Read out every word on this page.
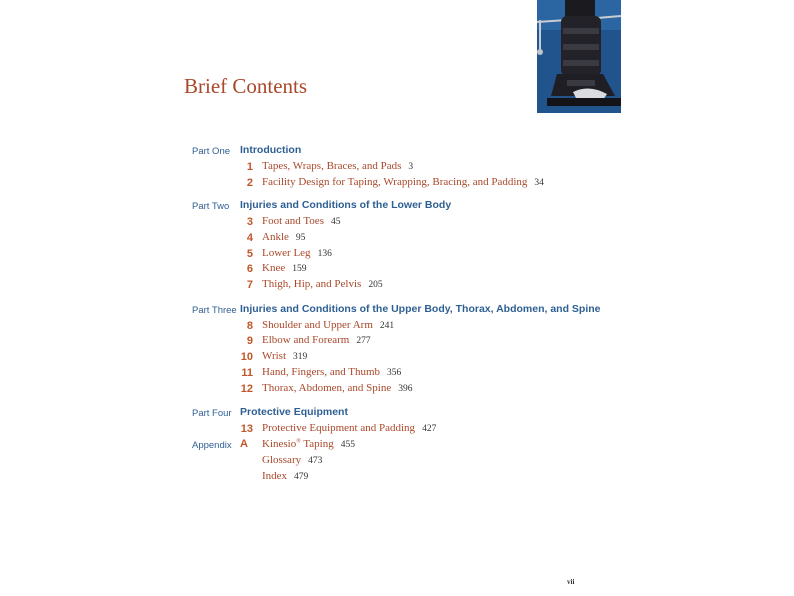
Brief Contents
Part One Introduction
1 Tapes, Wraps, Braces, and Pads 3
2 Facility Design for Taping, Wrapping, Bracing, and Padding 34
Part Two	Injuries and Conditions of the Lower Body
3 Foot and Toes 45
4 Ankle 95
5 Lower Leg 136
6 Knee 159
7 Thigh, Hip, and Pelvis 205
Part Three Injuries and Conditions of the Upper Body, Thorax, Abdomen, and Spine
8 Shoulder and Upper Arm 241
9 Elbow and Forearm 277
10 Wrist 319
11 Hand, Fingers, and Thumb 356
12 Thorax, Abdomen, and Spine 396
Part Four Protective Equipment
13 Protective Equipment and Padding 427
Appendix A Kinesio® Taping 455
Glossary 473
Index 479
vii
